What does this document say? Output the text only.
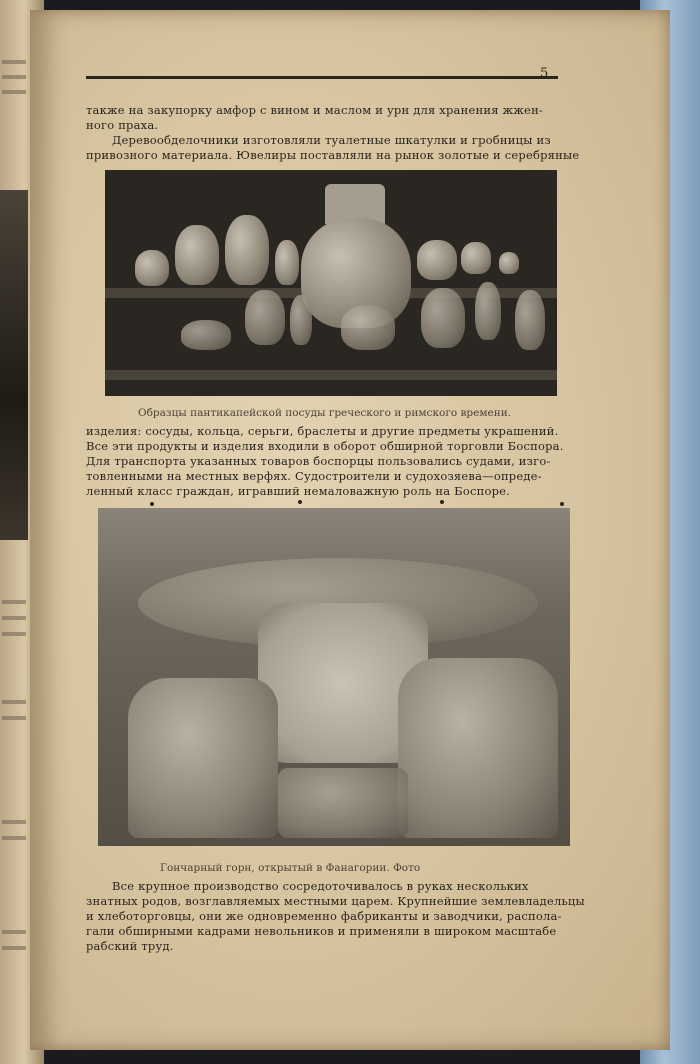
5

также на закупорку амфор с вином и маслом и урн для хранения жжен-

ного праха.

Деревообделочники изготовляли туалетные шкатулки и гробницы из

привозного материала. Ювелиры поставляли на рынок золотые и серебряные

Образцы пантикапейской посуды греческого и римского времени.

изделия: сосуды, кольца, серьги, браслеты и другие предметы украшений.

Все эти продукты и изделия входили в оборот обширной торговли Боспора.

Для транспорта указанных товаров боспорцы пользовались судами, изго-

товленными на местных верфях. Судостроители и судохозяева—опреде-

ленный класс граждан, игравший немаловажную роль на Боспоре.

Гончарный горн, открытый в Фанагории. Фото

Все крупное производство сосредоточивалось в руках нескольких

знатных родов, возглавляемых местными царем. Крупнейшие землевладельцы

и хлеботорговцы, они же одновременно фабриканты и заводчики, распола-

гали обширными кадрами невольников и применяли в широком масштабе

рабский труд.
